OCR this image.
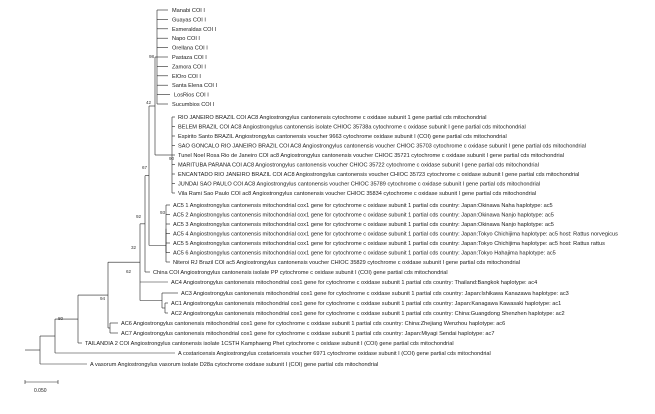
Manabi COI I
Guayas COI I
Esmeraldas COI I
Napo COI I
Orellana COI I
Pastaza COI I
Zamora COI I
ElOro COI I
Santa Elena COI I
LosRios COI I
Sucumbios COI I
RIO JANEIRO BRAZIL COI AC8 Angiostrongylus cantonensis cytochrome c oxidase subunit 1 gene partial cds mitochondrial
BELEM BRAZIL COI AC8 Angiostrongylus cantonensis isolate CHIOC 35738a cytochrome c oxidase subunit I gene partial cds mitochondrial
Espirito Santo BRAZIL Angiostrongylus cantonensis voucher 9663 cytochrome oxidase subunit I (COI) gene partial cds mitochondrial
SAO GONCALO RIO JANEIRO BRAZIL COI AC8 Angiostrongylus cantonensis voucher CHIOC 35703 cytochrome c oxidase subunit I gene partial cds mitochondrial
Tunel Noel Rosa Rio de Janeiro COI ac8 Angiostrongylus cantonensis voucher CHIOC 35721 cytochrome c oxidase subunit I gene partial cds mitochondrial
MARITUBA PARANA COI AC8 Angiostrongylus cantonensis voucher CHIOC 35722 cytochrome c oxidase subunit I gene partial cds mitochondrial
ENCANTADO RIO JANEIRO BRAZIL COI AC8 Angiostrongylus cantonensis voucher CHIOC 35723 cytochrome c oxidase subunit I gene partial cds mitochondrial
JUNDAI SAO PAULO COI AC8 Angiostrongylus cantonensis voucher CHIOC 35789 cytochrome c oxidase subunit I gene partial cds mitochondrial
Vila Rami Sao Paulo COI ac8 Angiostrongylus cantonensis voucher CHIOC 35834 cytochrome c oxidase subunit I gene partial cds mitochondrial
AC5 1 Angiostrongylus cantonensis mitochondrial cox1 gene for cytochrome c oxidase subunit 1 partial cds country: Japan:Okinawa Naha haplotype: ac5
AC5 2 Angiostrongylus cantonensis mitochondrial cox1 gene for cytochrome c oxidase subunit 1 partial cds country: Japan:Okinawa Nanjo haplotype: ac5
AC5 3 Angiostrongylus cantonensis mitochondrial cox1 gene for cytochrome c oxidase subunit 1 partial cds country: Japan:Okinawa Nanjo haplotype: ac5
AC5 4 Angiostrongylus cantonensis mitochondrial cox1 gene for cytochrome c oxidase subunit 1 partial cds country: Japan:Tokyo Chichijima haplotype: ac5 host: Rattus norvegicus
AC5 5 Angiostrongylus cantonensis mitochondrial cox1 gene for cytochrome c oxidase subunit 1 partial cds country: Japan:Tokyo Chichijima haplotype: ac5 host: Rattus rattus
AC5 6 Angiostrongylus cantonensis mitochondrial cox1 gene for cytochrome c oxidase subunit 1 partial cds country: Japan:Tokyo Hahajima haplotype: ac5
Niteroi RJ Brazil COI ac5 Angiostrongylus cantonensis voucher CHIOC 35829 cytochrome c oxidase subunit I gene partial cds mitochondrial
China COI Angiostrongylus cantonensis isolate PP cytochrome c oxidase subunit I (COI) gene partial cds mitochondrial
AC4 Angiostrongylus cantonensis mitochondrial cox1 gene for cytochrome c oxidase subunit 1 partial cds country: Thailand:Bangkok haplotype: ac4
AC3 Angiostrongylus cantonensis mitochondrial cox1 gene for cytochrome c oxidase subunit 1 partial cds country: Japan:Ishikawa Kanazawa haplotype: ac3
AC1 Angiostrongylus cantonensis mitochondrial cox1 gene for cytochrome c oxidase subunit 1 partial cds country: Japan:Kanagawa Kawasaki haplotype: ac1
AC2 Angiostrongylus cantonensis mitochondrial cox1 gene for cytochrome c oxidase subunit 1 partial cds country: China:Guangdong Shenzhen haplotype: ac2
AC6 Angiostrongylus cantonensis mitochondrial cox1 gene for cytochrome c oxidase subunit 1 partial cds country: China:Zhejiang Wenzhou haplotype: ac6
AC7 Angiostrongylus cantonensis mitochondrial cox1 gene for cytochrome c oxidase subunit 1 partial cds country: Japan:Miyagi Sendai haplotype: ac7
TAILANDIA 2 COI Angiostrongylus cantonensis isolate 1CSTH Kamphaeng Phet cytochrome c oxidase subunit I (COI) gene partial cds mitochondrial
A costaricensis Angiostrongylus costaricensis voucher 6971 cytochrome oxidase subunit I (COI) gene partial cds mitochondrial
A vasorum Angiostrongylus vasorum isolate D28a cytochrome oxidase subunit I (COI) gene partial cds mitochondrial
98
42
90
67
93
92
32
62
94
80
0.050
